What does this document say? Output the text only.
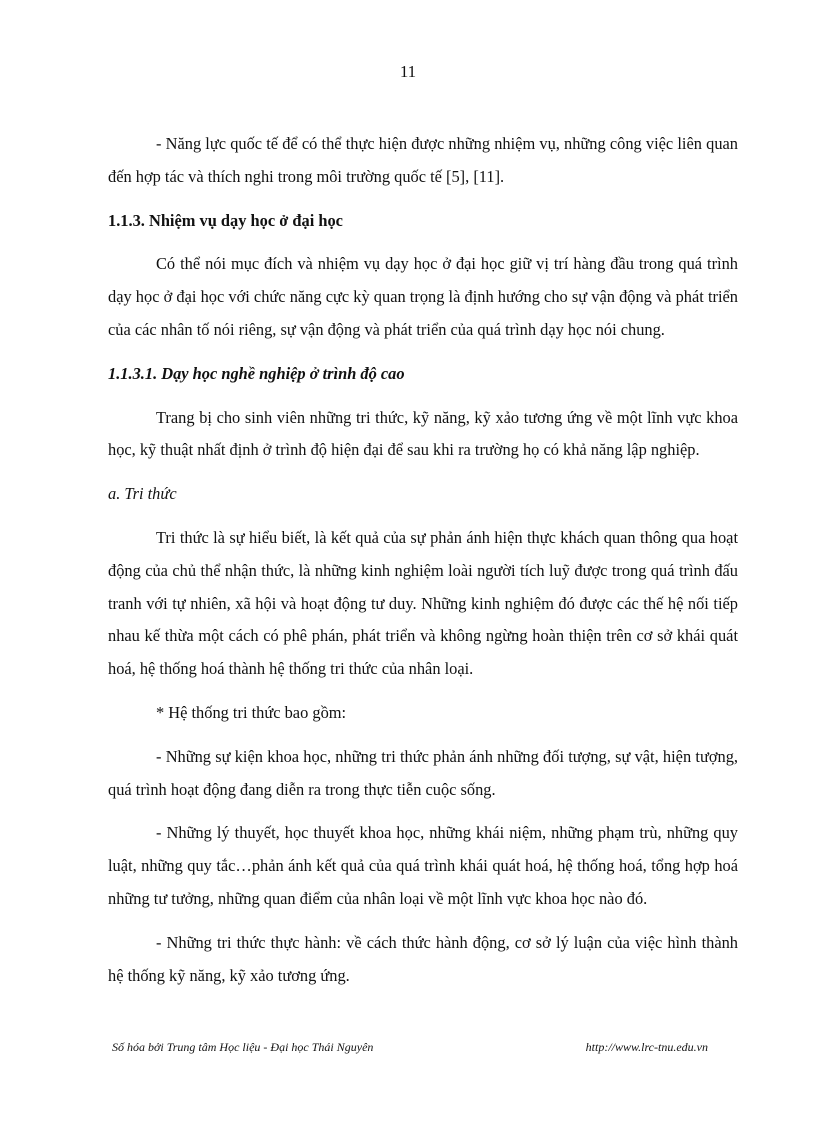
11

- Năng lực quốc tế để có thể thực hiện được những nhiệm vụ, những công việc liên quan đến hợp tác và thích nghi trong môi trường quốc tế [5], [11].

1.1.3. Nhiệm vụ dạy học ở đại học

Có thể nói mục đích và nhiệm vụ dạy học ở đại học giữ vị trí hàng đầu trong quá trình dạy học ở đại học với chức năng cực kỳ quan trọng là định hướng cho sự vận động và phát triển của các nhân tố nói riêng, sự vận động và phát triển của quá trình dạy học nói chung.

1.1.3.1. Dạy học nghề nghiệp ở trình độ cao

Trang bị cho sinh viên những tri thức, kỹ năng, kỹ xảo tương ứng về một lĩnh vực khoa học, kỹ thuật nhất định ở trình độ hiện đại để sau khi ra trường họ có khả năng lập nghiệp.

a. Tri thức

Tri thức là sự hiểu biết, là kết quả của sự phản ánh hiện thực khách quan thông qua hoạt động của chủ thể nhận thức, là những kinh nghiệm loài người tích luỹ được trong quá trình đấu tranh với tự nhiên, xã hội và hoạt động tư duy. Những kinh nghiệm đó được các thế hệ nối tiếp nhau kế thừa một cách có phê phán, phát triển và không ngừng hoàn thiện trên cơ sở khái quát hoá, hệ thống hoá thành hệ thống tri thức của nhân loại.

* Hệ thống tri thức bao gồm:

- Những sự kiện khoa học, những tri thức phản ánh những đối tượng, sự vật, hiện tượng, quá trình hoạt động đang diễn ra trong thực tiễn cuộc sống.

- Những lý thuyết, học thuyết khoa học, những khái niệm, những phạm trù, những quy luật, những quy tắc…phản ánh kết quả của quá trình khái quát hoá, hệ thống hoá, tổng hợp hoá những tư tưởng, những quan điểm của nhân loại về một lĩnh vực khoa học nào đó.

- Những tri thức thực hành: về cách thức hành động, cơ sở lý luận của việc hình thành hệ thống kỹ năng, kỹ xảo tương ứng.

Số hóa bởi Trung tâm Học liệu - Đại học Thái Nguyên	http://www.lrc-tnu.edu.vn
